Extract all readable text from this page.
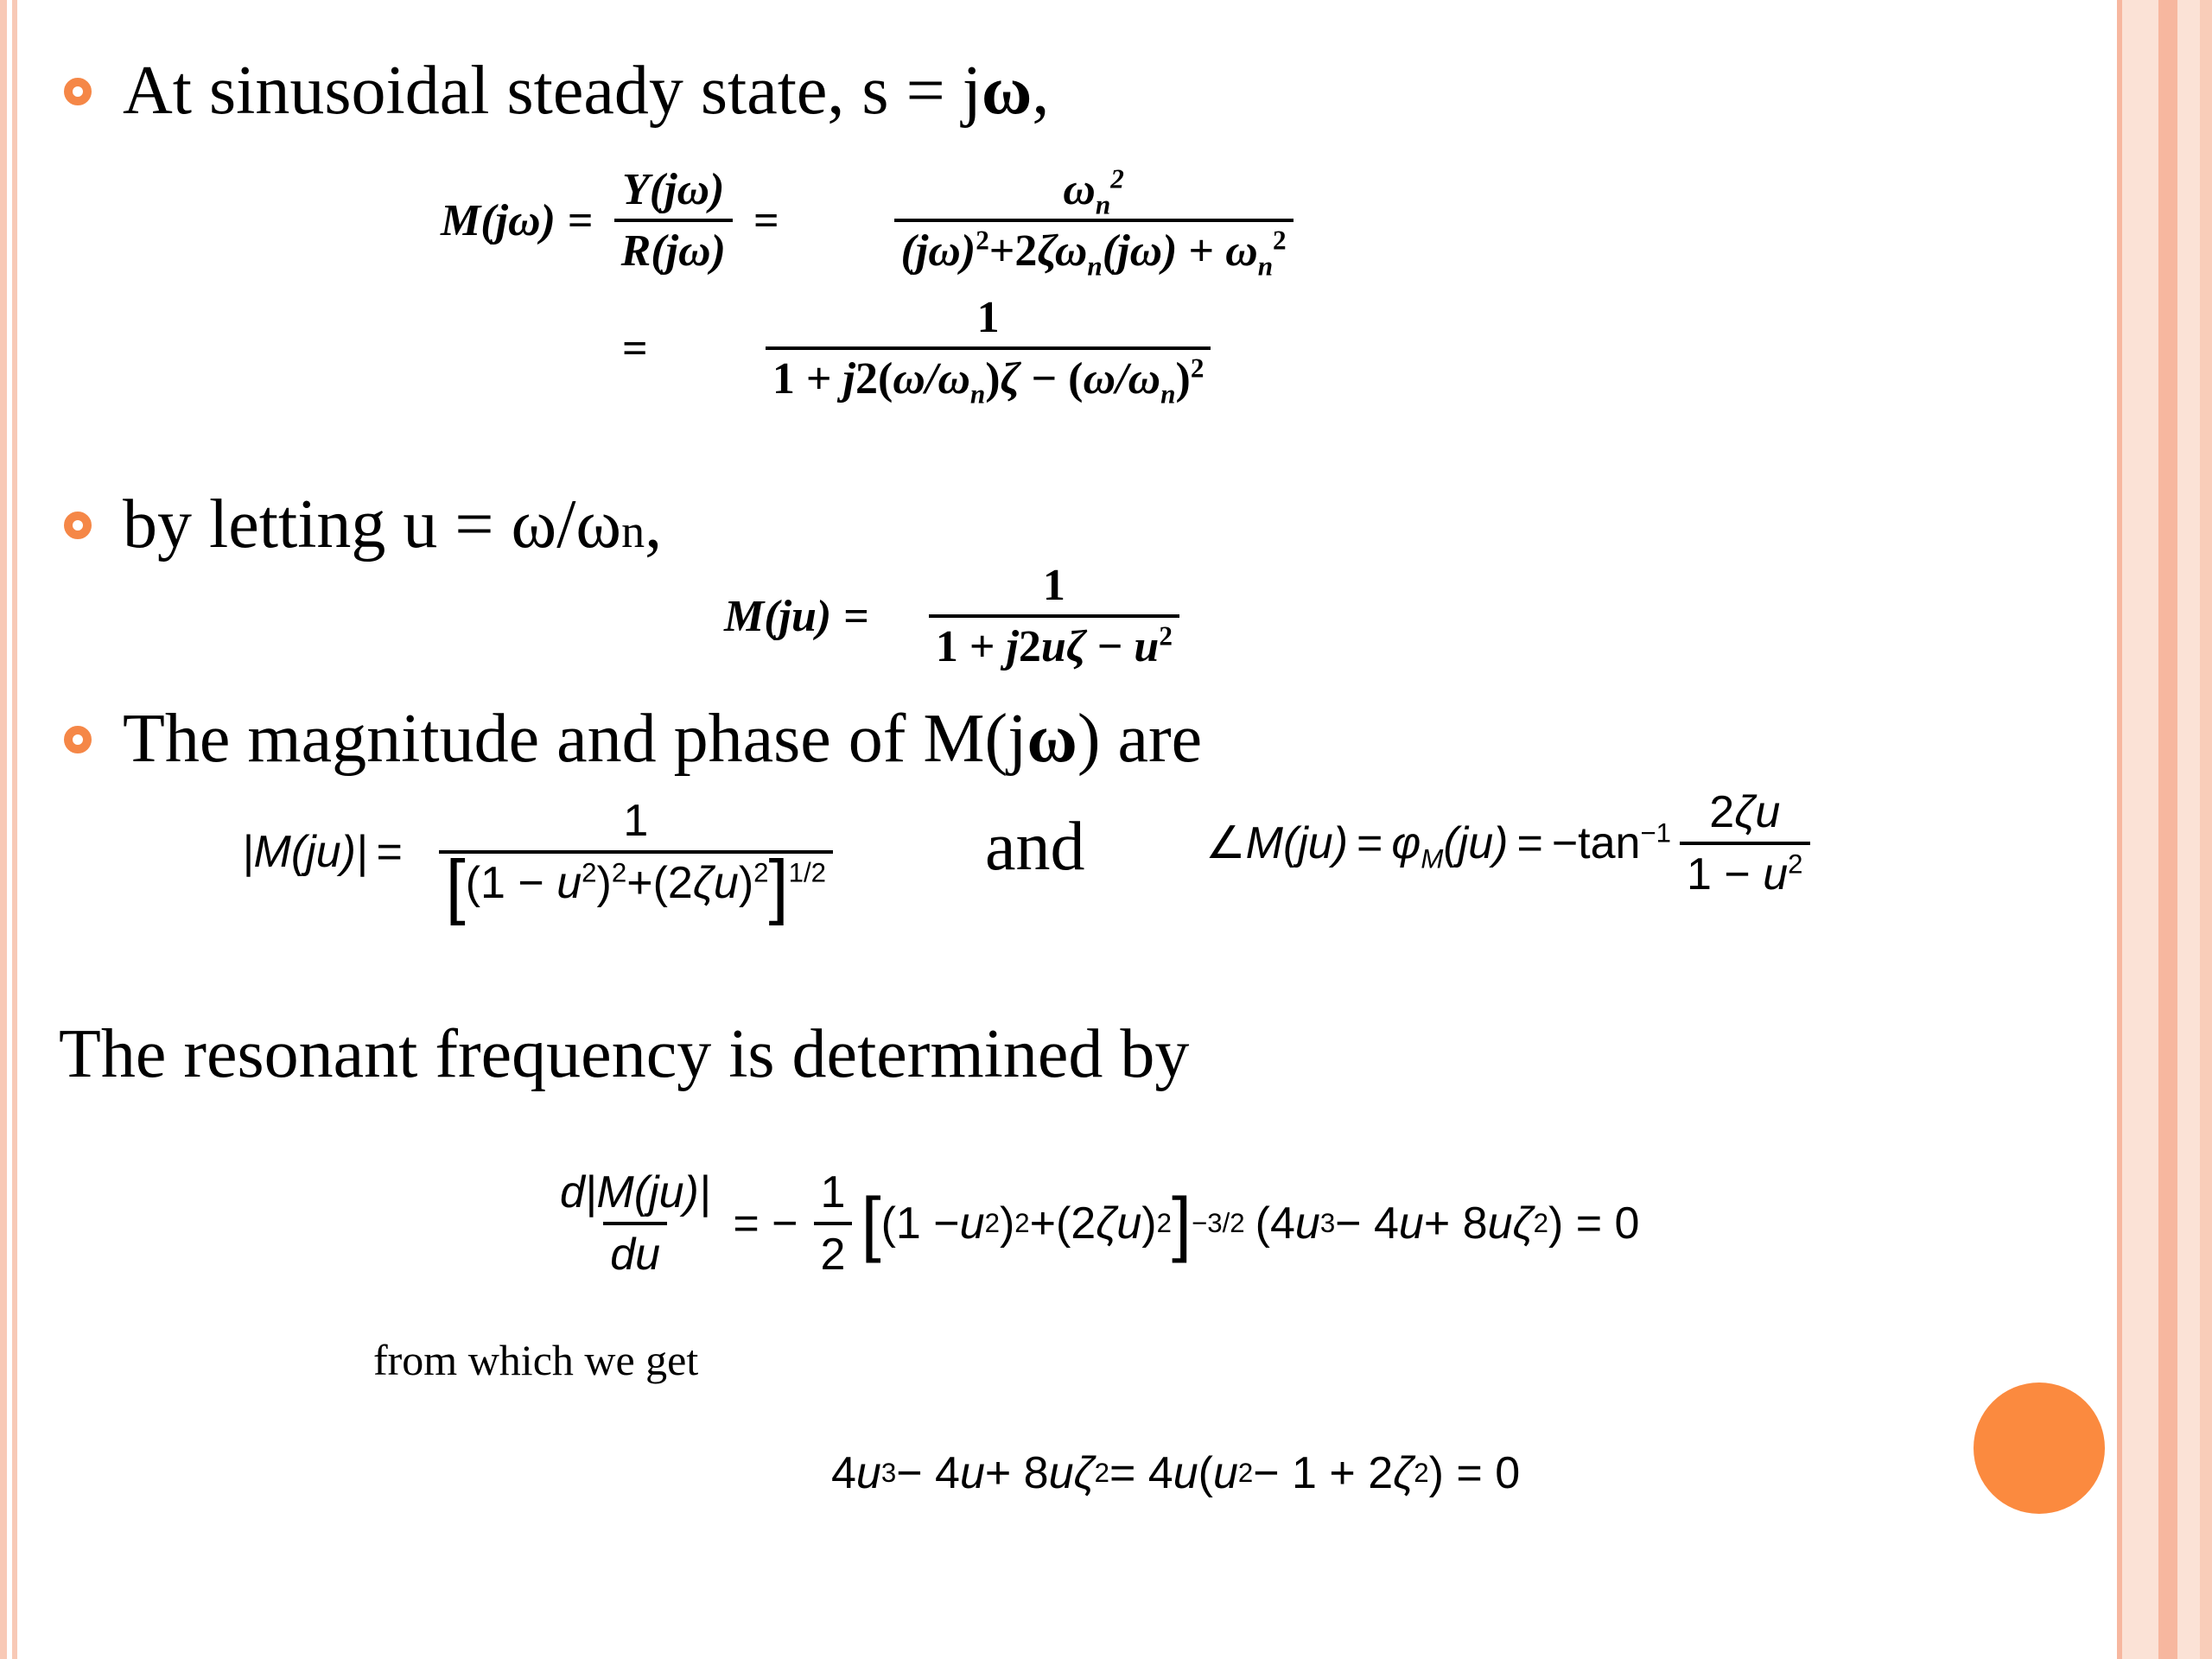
At sinusoidal steady state, s = jω,
$M(j\omega) = \frac{Y(j\omega)}{R(j\omega)} = \frac{\omega_n^2}{(j\omega)^2+2\zeta\omega_n(j\omega) + \omega_n^2}$
= $\frac{1}{1 + j2(\omega/\omega_n)\zeta - (\omega/\omega_n)^2}$
by letting u = ω/ωn,
$M(ju) = \frac{1}{1 + j2u\zeta - u^2}$
The magnitude and phase of M(jω) are
$|M(ju)| = \frac{1}{[(1 - u^2)^2+(2\zeta u)^2]^{1/2}}$ and	∠ $M(ju) = \varphi_M(ju) = -\tan^{-1} \frac{2\zeta u}{1 - u^2}$
The resonant frequency is determined by
$\frac{d|M(ju)|}{du}$ = − $\frac{1}{2}$ [ (1 − u 2 ) 2 +(2 ζu ) 2 ] −3/2 (4 u 3 − 4 u + 8 uζ 2 ) = 0
from which we get
4 u 3 − 4 u + 8 uζ 2 = 4 u ( u 2 − 1 + 2 ζ 2 ) = 0
